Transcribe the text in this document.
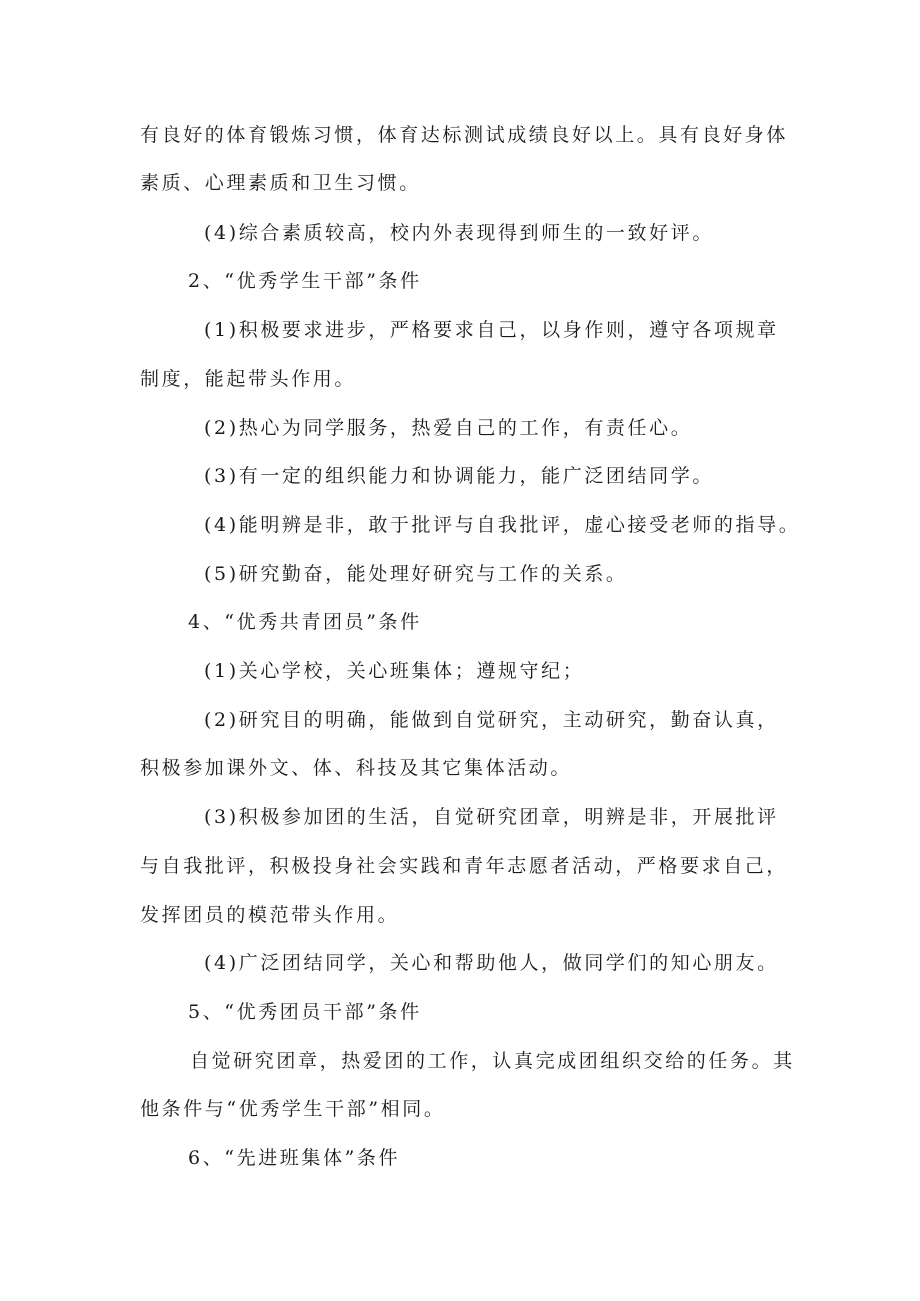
有良好的体育锻炼习惯，体育达标测试成绩良好以上。具有良好身体
素质、心理素质和卫生习惯。
(4)综合素质较高，校内外表现得到师生的一致好评。
2、“优秀学生干部”条件
(1)积极要求进步，严格要求自己，以身作则，遵守各项规章
制度，能起带头作用。
(2)热心为同学服务，热爱自己的工作，有责任心。
(3)有一定的组织能力和协调能力，能广泛团结同学。
(4)能明辨是非，敢于批评与自我批评，虚心接受老师的指导。
(5)研究勤奋，能处理好研究与工作的关系。
4、“优秀共青团员”条件
(1)关心学校，关心班集体；遵规守纪；
(2)研究目的明确，能做到自觉研究，主动研究，勤奋认真，
积极参加课外文、体、科技及其它集体活动。
(3)积极参加团的生活，自觉研究团章，明辨是非，开展批评
与自我批评，积极投身社会实践和青年志愿者活动，严格要求自己，
发挥团员的模范带头作用。
(4)广泛团结同学，关心和帮助他人，做同学们的知心朋友。
5、“优秀团员干部”条件
自觉研究团章，热爱团的工作，认真完成团组织交给的任务。其
他条件与“优秀学生干部”相同。
6、“先进班集体”条件
